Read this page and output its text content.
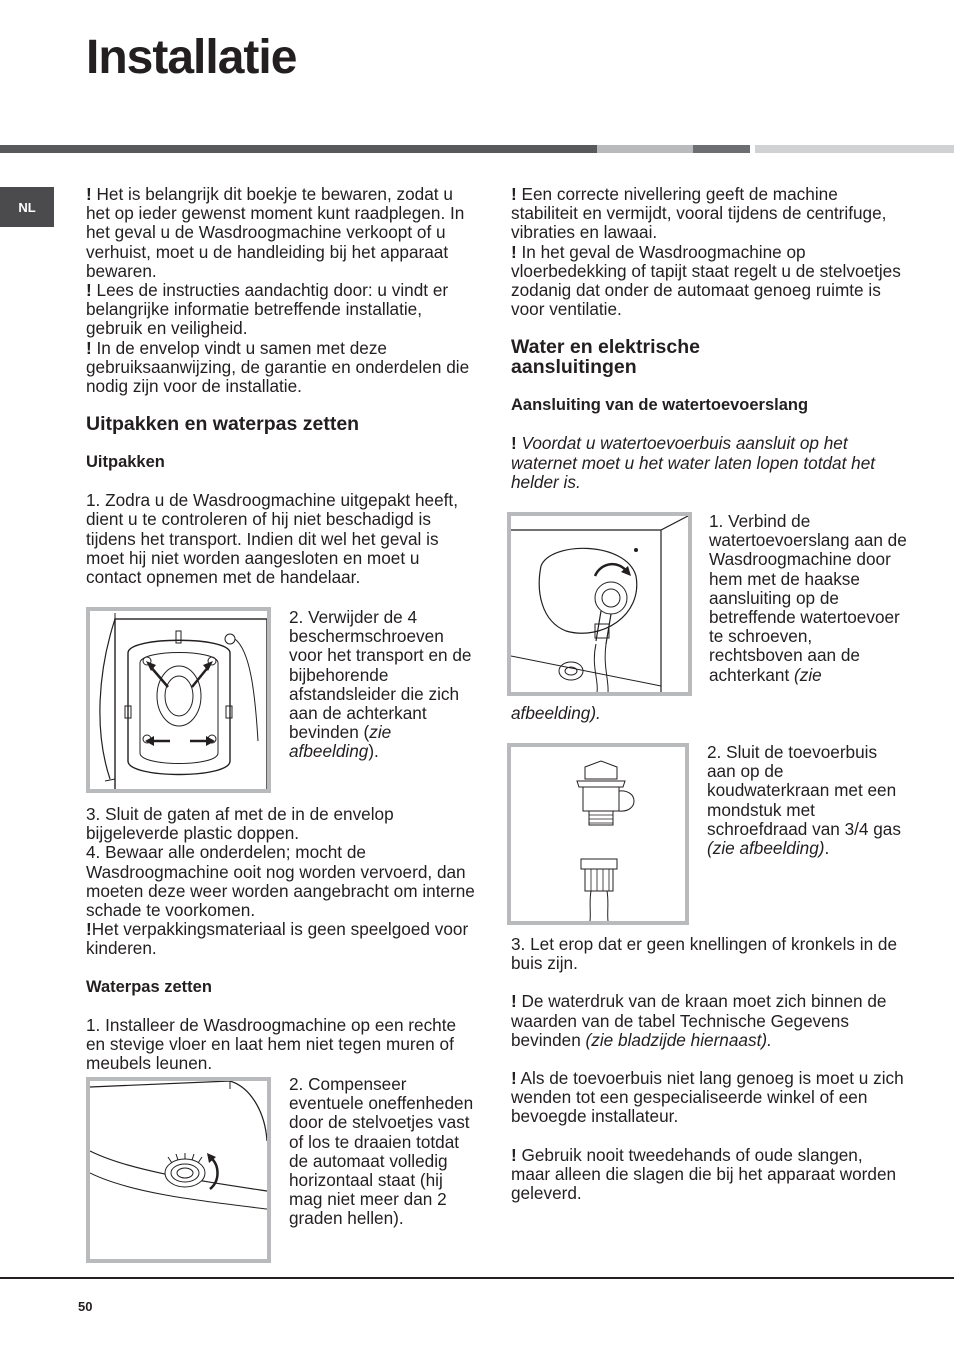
Installatie
NL

! Het is belangrijk dit boekje te bewaren, zodat u het op ieder gewenst moment kunt raadplegen. In het geval u de Wasdroogmachine verkoopt of u verhuist, moet u de handleiding bij het apparaat bewaren.

! Lees de instructies aandachtig door: u vindt er belangrijke informatie betreffende installatie, gebruik en veiligheid.

! In de envelop vindt u samen met deze gebruiksaanwijzing, de garantie en onderdelen die nodig zijn voor de installatie.

Uitpakken en waterpas zetten

Uitpakken

1. Zodra u de Wasdroogmachine uitgepakt heeft, dient u te controleren of hij niet beschadigd is tijdens het transport. Indien dit wel het geval is moet hij niet worden aangesloten en moet u contact opnemen met de handelaar.

2. Verwijder de 4 beschermschroeven voor het transport en de bijbehorende afstandsleider die zich aan de achterkant bevinden (zie afbeelding).

3. Sluit de gaten af met de in de envelop bijgeleverde plastic doppen.

4. Bewaar alle onderdelen; mocht de Wasdroogmachine ooit nog worden vervoerd, dan moeten deze weer worden aangebracht om interne schade te voorkomen.

!Het verpakkingsmateriaal is geen speelgoed voor kinderen.

Waterpas zetten

1. Installeer de Wasdroogmachine op een rechte en stevige vloer en laat hem niet tegen muren of meubels leunen.

2. Compenseer eventuele oneffenheden door de stelvoetjes vast of los te draaien totdat de automaat volledig horizontaal staat (hij mag niet meer dan 2 graden hellen).

! Een correcte nivellering geeft de machine stabiliteit en vermijdt, vooral tijdens de centrifuge, vibraties en lawaai.

! In het geval de Wasdroogmachine op vloerbedekking of tapijt staat regelt u de stelvoetjes zodanig dat onder de automaat genoeg ruimte is voor ventilatie.

Water en elektrische
aansluitingen

Aansluiting van de watertoevoerslang

! Voordat u watertoevoerbuis aansluit op het waternet moet u het water laten lopen totdat het helder is.

1. Verbind de watertoevoerslang aan de Wasdroogmachine door hem met de haakse aansluiting op de betreffende watertoevoer te schroeven, rechtsboven aan de achterkant (zie

afbeelding).

2. Sluit de toevoerbuis aan op de koudwaterkraan met een mondstuk met schroefdraad van 3/4 gas (zie afbeelding).

3. Let erop dat er geen knellingen of kronkels in de buis zijn.

! De waterdruk van de kraan moet zich binnen de waarden van de tabel Technische Gegevens bevinden (zie bladzijde hiernaast).

! Als de toevoerbuis niet lang genoeg is moet u zich wenden tot een gespecialiseerde winkel of een bevoegde installateur.

! Gebruik nooit tweedehands of oude slangen, maar alleen die slagen die bij het apparaat worden geleverd.

50
